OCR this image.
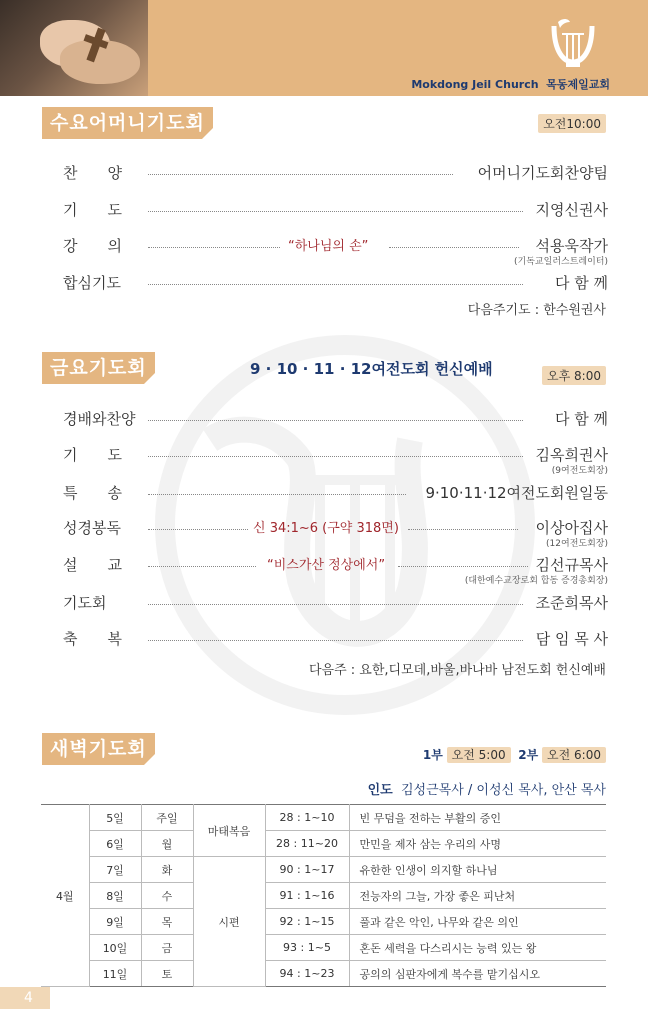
Mokdong Jeil Church 목동제일교회
수요어머니기도회	오전10:00
찬　　양	어머니기도회찬양팀
기　　도	지영신권사
강　　의	“하나님의 손”	석용욱작가
(기독교일러스트레이터)
합심기도	다 함 께
다음주기도 : 한수원권사
금요기도회	9 · 10 · 11 · 12여전도회 헌신예배	오후 8:00
경배와찬양	다 함 께
기　　도	김옥희권사
(9여전도회장)
특　　송	9·10·11·12여전도회원일동
성경봉독	신 34:1~6 (구약 318면)	이상아집사
(12여전도회장)
설　　교	“비스가산 정상에서”	김선규목사
(대한예수교장로회 합동 증경총회장)
기도회	조준희목사
축　　복	담 임 목 사
다음주 : 요한,디모데,바울,바나바 남전도회 헌신예배
새벽기도회	1부 오전 5:00 2부 오전 6:00
인도 김성근목사 / 이성신 목사, 안산 목사
4월	5일	주일	마태복음	28 : 1~10	빈 무덤을 전하는 부활의 증인
	6일	월		28 : 11~20	만민을 제자 삼는 우리의 사명
	7일	화	시편	90 : 1~17	유한한 인생이 의지할 하나님
	8일	수		91 : 1~16	전능자의 그늘, 가장 좋은 피난처
	9일	목		92 : 1~15	풀과 같은 악인, 나무와 같은 의인
	10일	금		93 : 1~5	혼돈 세력을 다스리시는 능력 있는 왕
	11일	토		94 : 1~23	공의의 심판자에게 복수를 맡기십시오
4
